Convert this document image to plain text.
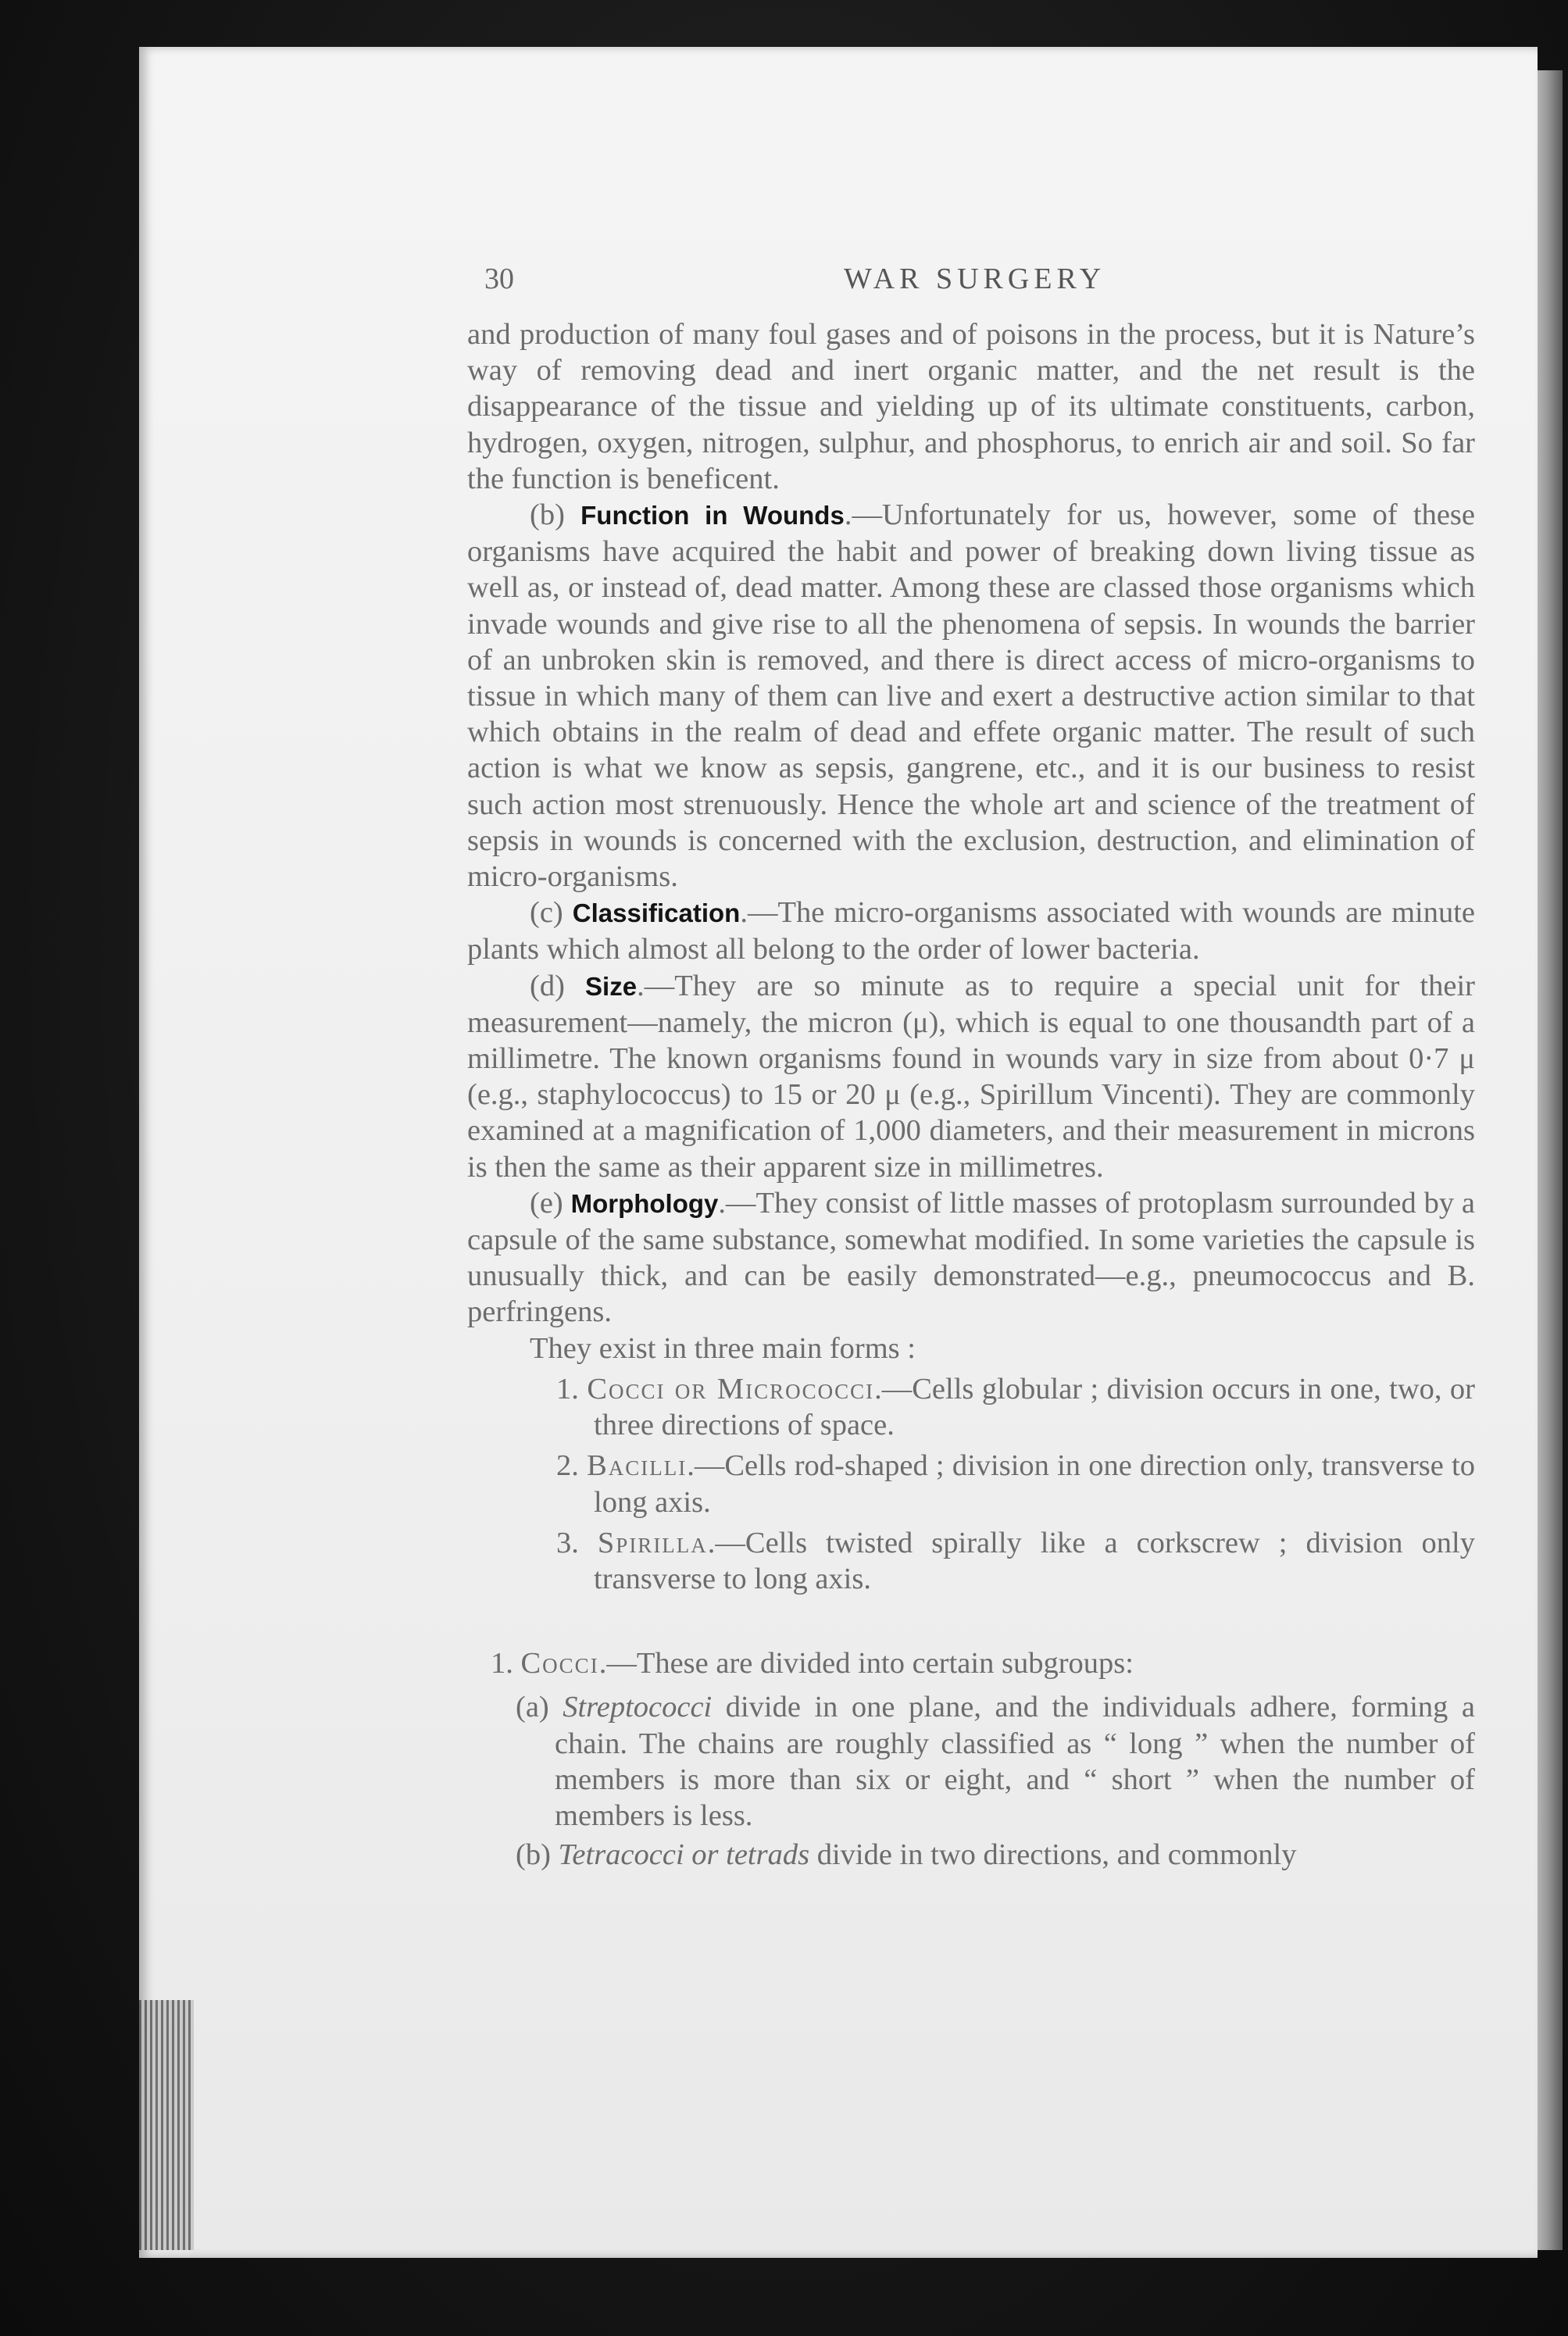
30	WAR SURGERY

and production of many foul gases and of poisons in the process, but it is Nature’s way of removing dead and inert organic matter, and the net result is the disappearance of the tissue and yielding up of its ultimate constituents, carbon, hydrogen, oxygen, nitrogen, sulphur, and phosphorus, to enrich air and soil. So far the function is beneficent.

(b) Function in Wounds.—Unfortunately for us, however, some of these organisms have acquired the habit and power of breaking down living tissue as well as, or instead of, dead matter. Among these are classed those organisms which invade wounds and give rise to all the phenomena of sepsis. In wounds the barrier of an unbroken skin is removed, and there is direct access of micro-organisms to tissue in which many of them can live and exert a destructive action similar to that which obtains in the realm of dead and effete organic matter. The result of such action is what we know as sepsis, gangrene, etc., and it is our business to resist such action most strenuously. Hence the whole art and science of the treatment of sepsis in wounds is concerned with the exclusion, destruction, and elimination of micro-organisms.

(c) Classification.—The micro-organisms associated with wounds are minute plants which almost all belong to the order of lower bacteria.

(d) Size.—They are so minute as to require a special unit for their measurement—namely, the micron (μ), which is equal to one thousandth part of a millimetre. The known organisms found in wounds vary in size from about 0·7 μ (e.g., staphylococcus) to 15 or 20 μ (e.g., Spirillum Vincenti). They are commonly examined at a magnification of 1,000 diameters, and their measurement in microns is then the same as their apparent size in millimetres.

(e) Morphology.—They consist of little masses of protoplasm surrounded by a capsule of the same substance, somewhat modified. In some varieties the capsule is unusually thick, and can be easily demonstrated—e.g., pneumococcus and B. perfringens.

They exist in three main forms :

1. Cocci or Micrococci.—Cells globular ; division occurs in one, two, or three directions of space.

2. Bacilli.—Cells rod-shaped ; division in one direction only, transverse to long axis.

3. Spirilla.—Cells twisted spirally like a corkscrew ; division only transverse to long axis.

1. Cocci.—These are divided into certain subgroups:

(a) Streptococci divide in one plane, and the individuals adhere, forming a chain. The chains are roughly classified as “ long ” when the number of members is more than six or eight, and “ short ” when the number of members is less.

(b) Tetracocci or tetrads divide in two directions, and commonly
